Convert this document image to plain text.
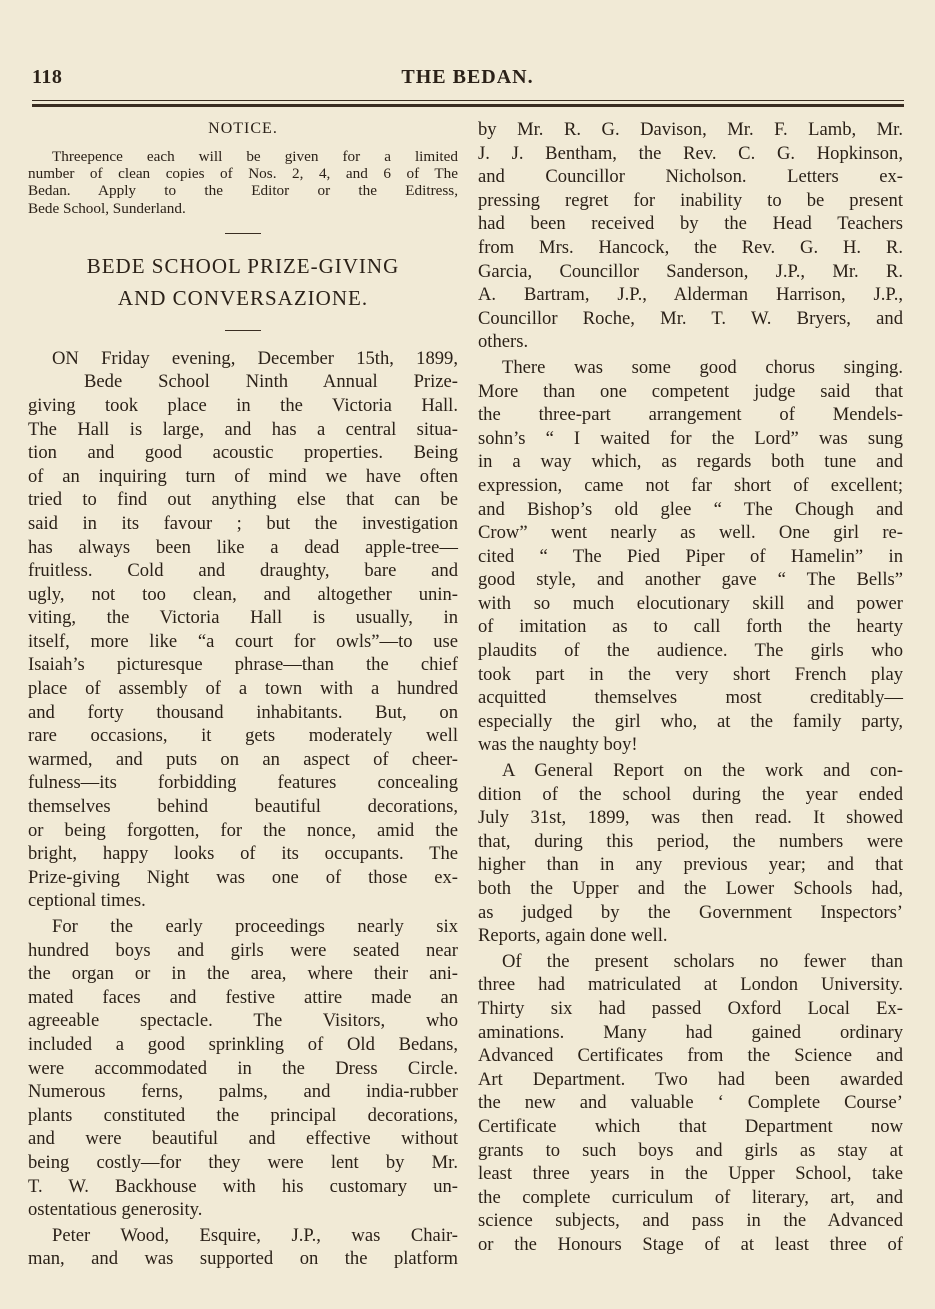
118	THE BEDAN.
NOTICE.
Threepence each will be given for a limited
number of clean copies of Nos. 2, 4, and 6 of The
Bedan. Apply to the Editor or the Editress,
Bede School, Sunderland.
BEDE SCHOOL PRIZE-GIVING
AND CONVERSAZIONE.
ON Friday evening, December 15th, 1899,
Bede School Ninth Annual Prize-
giving took place in the Victoria Hall.
The Hall is large, and has a central situa-
tion and good acoustic properties. Being
of an inquiring turn of mind we have often
tried to find out anything else that can be
said in its favour ; but the investigation
has always been like a dead apple-tree—
fruitless. Cold and draughty, bare and
ugly, not too clean, and altogether unin-
viting, the Victoria Hall is usually, in
itself, more like “a court for owls”—to use
Isaiah’s picturesque phrase—than the chief
place of assembly of a town with a hundred
and forty thousand inhabitants. But, on
rare occasions, it gets moderately well
warmed, and puts on an aspect of cheer-
fulness—its forbidding features concealing
themselves behind beautiful decorations,
or being forgotten, for the nonce, amid the
bright, happy looks of its occupants. The
Prize-giving Night was one of those ex-
ceptional times.
For the early proceedings nearly six
hundred boys and girls were seated near
the organ or in the area, where their ani-
mated faces and festive attire made an
agreeable spectacle. The Visitors, who
included a good sprinkling of Old Bedans,
were accommodated in the Dress Circle.
Numerous ferns, palms, and india-rubber
plants constituted the principal decorations,
and were beautiful and effective without
being costly—for they were lent by Mr.
T. W. Backhouse with his customary un-
ostentatious generosity.
Peter Wood, Esquire, J.P., was Chair-
man, and was supported on the platform
by Mr. R. G. Davison, Mr. F. Lamb, Mr.
J. J. Bentham, the Rev. C. G. Hopkinson,
and Councillor Nicholson. Letters ex-
pressing regret for inability to be present
had been received by the Head Teachers
from Mrs. Hancock, the Rev. G. H. R.
Garcia, Councillor Sanderson, J.P., Mr. R.
A. Bartram, J.P., Alderman Harrison, J.P.,
Councillor Roche, Mr. T. W. Bryers, and
others.
There was some good chorus singing.
More than one competent judge said that
the three-part arrangement of Mendels-
sohn’s “ I waited for the Lord” was sung
in a way which, as regards both tune and
expression, came not far short of excellent;
and Bishop’s old glee “ The Chough and
Crow” went nearly as well. One girl re-
cited “ The Pied Piper of Hamelin” in
good style, and another gave “ The Bells”
with so much elocutionary skill and power
of imitation as to call forth the hearty
plaudits of the audience. The girls who
took part in the very short French play
acquitted themselves most creditably—
especially the girl who, at the family party,
was the naughty boy!
A General Report on the work and con-
dition of the school during the year ended
July 31st, 1899, was then read. It showed
that, during this period, the numbers were
higher than in any previous year; and that
both the Upper and the Lower Schools had,
as judged by the Government Inspectors’
Reports, again done well.
Of the present scholars no fewer than
three had matriculated at London University.
Thirty six had passed Oxford Local Ex-
aminations. Many had gained ordinary
Advanced Certificates from the Science and
Art Department. Two had been awarded
the new and valuable ‘ Complete Course’
Certificate which that Department now
grants to such boys and girls as stay at
least three years in the Upper School, take
the complete curriculum of literary, art, and
science subjects, and pass in the Advanced
or the Honours Stage of at least three of
